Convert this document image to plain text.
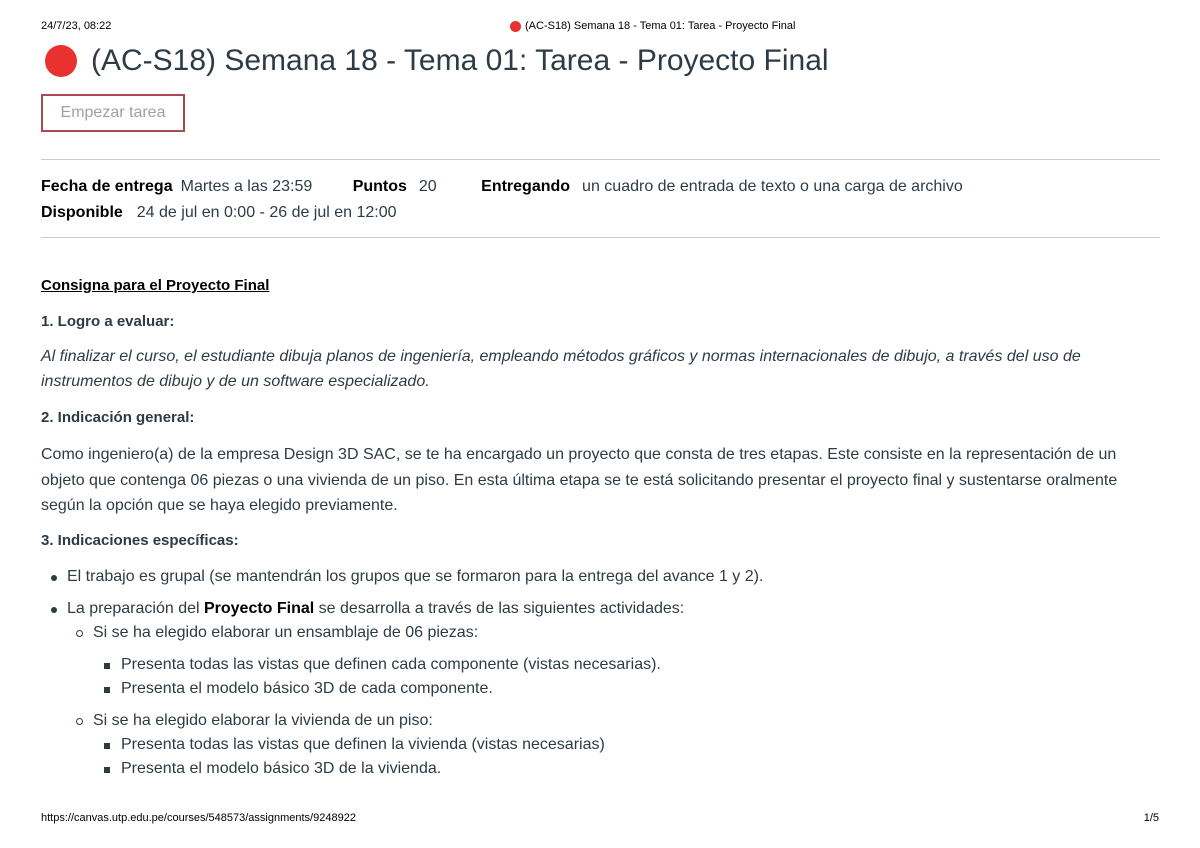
24/7/23, 08:22	(AC-S18) Semana 18 - Tema 01: Tarea - Proyecto Final
(AC-S18) Semana 18 - Tema 01: Tarea - Proyecto Final
Empezar tarea
Fecha de entrega Martes a las 23:59	Puntos 20	Entregando un cuadro de entrada de texto o una carga de archivo
Disponible 24 de jul en 0:00 - 26 de jul en 12:00

Consigna para el Proyecto Final

1. Logro a evaluar:

Al finalizar el curso, el estudiante dibuja planos de ingeniería, empleando métodos gráficos y normas internacionales de dibujo, a través del uso de instrumentos de dibujo y de un software especializado.

2. Indicación general:

Como ingeniero(a) de la empresa Design 3D SAC, se te ha encargado un proyecto que consta de tres etapas. Este consiste en la representación de un objeto que contenga 06 piezas o una vivienda de un piso. En esta última etapa se te está solicitando presentar el proyecto final y sustentarse oralmente según la opción que se haya elegido previamente.

3. Indicaciones específicas:

El trabajo es grupal (se mantendrán los grupos que se formaron para la entrega del avance 1 y 2).
La preparación del Proyecto Final se desarrolla a través de las siguientes actividades:
Si se ha elegido elaborar un ensamblaje de 06 piezas:
Presenta todas las vistas que definen cada componente (vistas necesarias).
Presenta el modelo básico 3D de cada componente.
Si se ha elegido elaborar la vivienda de un piso:
Presenta todas las vistas que definen la vivienda (vistas necesarias)
Presenta el modelo básico 3D de la vivienda.
https://canvas.utp.edu.pe/courses/548573/assignments/9248922	1/5
